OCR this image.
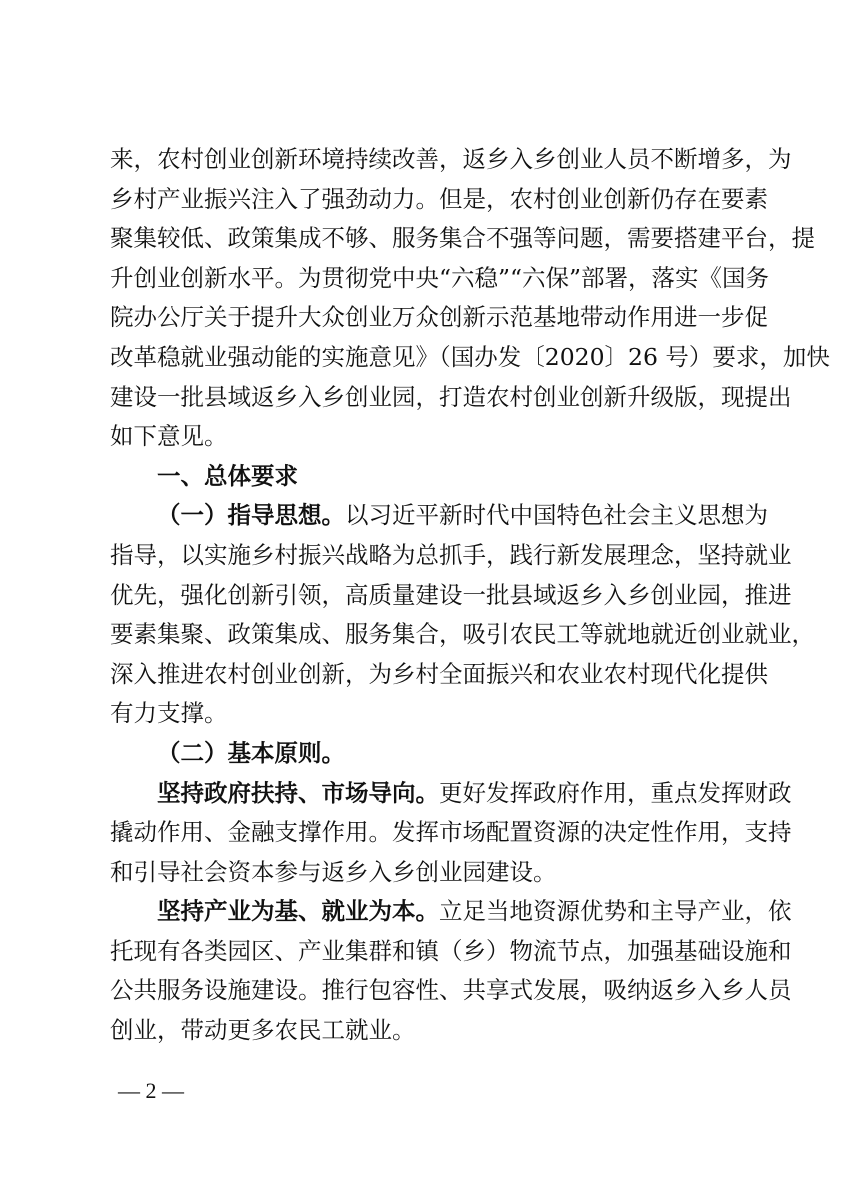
来，农村创业创新环境持续改善，返乡入乡创业人员不断增多，为
乡村产业振兴注入了强劲动力。但是，农村创业创新仍存在要素
聚集较低、政策集成不够、服务集合不强等问题，需要搭建平台，提
升创业创新水平。为贯彻党中央“六稳”“六保”部署，落实《国务
院办公厅关于提升大众创业万众创新示范基地带动作用进一步促
改革稳就业强动能的实施意见》（国办发〔2020〕26 号）要求，加快
建设一批县域返乡入乡创业园，打造农村创业创新升级版，现提出
如下意见。
一、总体要求
（一）指导思想。以习近平新时代中国特色社会主义思想为
指导，以实施乡村振兴战略为总抓手，践行新发展理念，坚持就业
优先，强化创新引领，高质量建设一批县域返乡入乡创业园，推进
要素集聚、政策集成、服务集合，吸引农民工等就地就近创业就业，
深入推进农村创业创新，为乡村全面振兴和农业农村现代化提供
有力支撑。
（二）基本原则。
坚持政府扶持、市场导向。更好发挥政府作用，重点发挥财政
撬动作用、金融支撑作用。发挥市场配置资源的决定性作用，支持
和引导社会资本参与返乡入乡创业园建设。
坚持产业为基、就业为本。立足当地资源优势和主导产业，依
托现有各类园区、产业集群和镇（乡）物流节点，加强基础设施和
公共服务设施建设。推行包容性、共享式发展，吸纳返乡入乡人员
创业，带动更多农民工就业。
— 2 —
